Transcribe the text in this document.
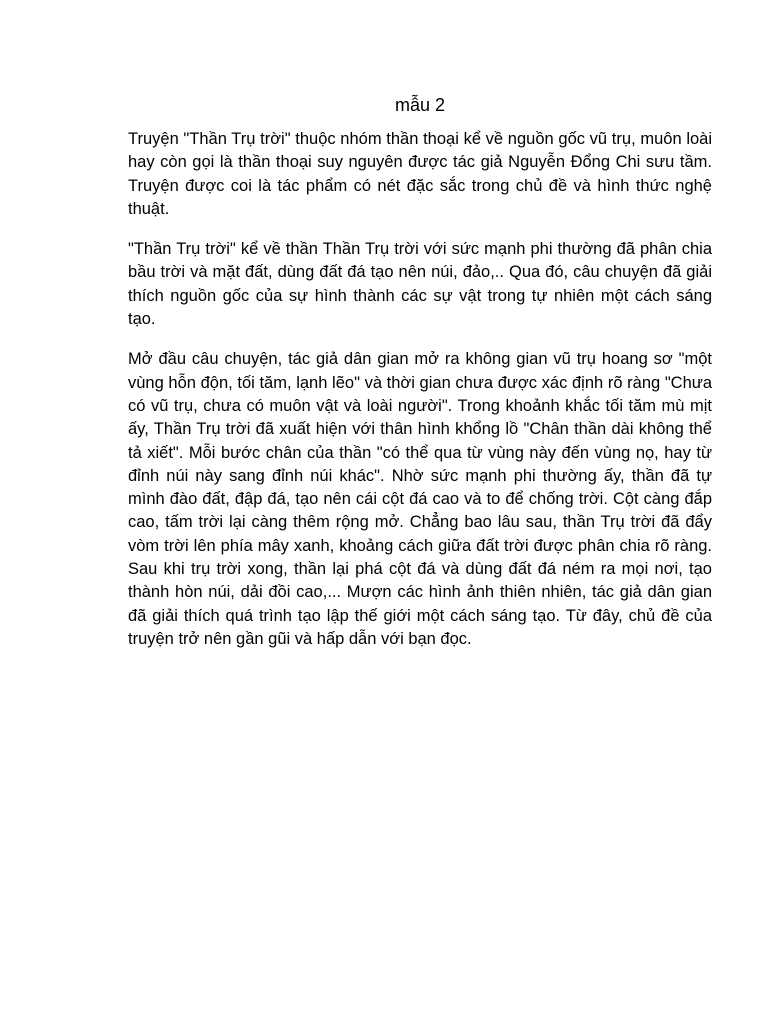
mẫu 2

Truyện "Thần Trụ trời" thuộc nhóm thần thoại kể về nguồn gốc vũ trụ, muôn loài hay còn gọi là thần thoại suy nguyên được tác giả Nguyễn Đổng Chi sưu tầm. Truyện được coi là tác phẩm có nét đặc sắc trong chủ đề và hình thức nghệ thuật.

"Thần Trụ trời" kể về thần Thần Trụ trời với sức mạnh phi thường đã phân chia bầu trời và mặt đất, dùng đất đá tạo nên núi, đảo,.. Qua đó, câu chuyện đã giải thích nguồn gốc của sự hình thành các sự vật trong tự nhiên một cách sáng tạo.

Mở đầu câu chuyện, tác giả dân gian mở ra không gian vũ trụ hoang sơ "một vùng hỗn độn, tối tăm, lạnh lẽo" và thời gian chưa được xác định rõ ràng "Chưa có vũ trụ, chưa có muôn vật và loài người". Trong khoảnh khắc tối tăm mù mịt ấy, Thần Trụ trời đã xuất hiện với thân hình khổng lồ "Chân thần dài không thể tả xiết". Mỗi bước chân của thần "có thể qua từ vùng này đến vùng nọ, hay từ đỉnh núi này sang đỉnh núi khác". Nhờ sức mạnh phi thường ấy, thần đã tự mình đào đất, đập đá, tạo nên cái cột đá cao và to để chống trời. Cột càng đắp cao, tấm trời lại càng thêm rộng mở. Chẳng bao lâu sau, thần Trụ trời đã đẩy vòm trời lên phía mây xanh, khoảng cách giữa đất trời được phân chia rõ ràng. Sau khi trụ trời xong, thần lại phá cột đá và dùng đất đá ném ra mọi nơi, tạo thành hòn núi, dải đồi cao,... Mượn các hình ảnh thiên nhiên, tác giả dân gian đã giải thích quá trình tạo lập thế giới một cách sáng tạo. Từ đây, chủ đề của truyện trở nên gần gũi và hấp dẫn với bạn đọc.
